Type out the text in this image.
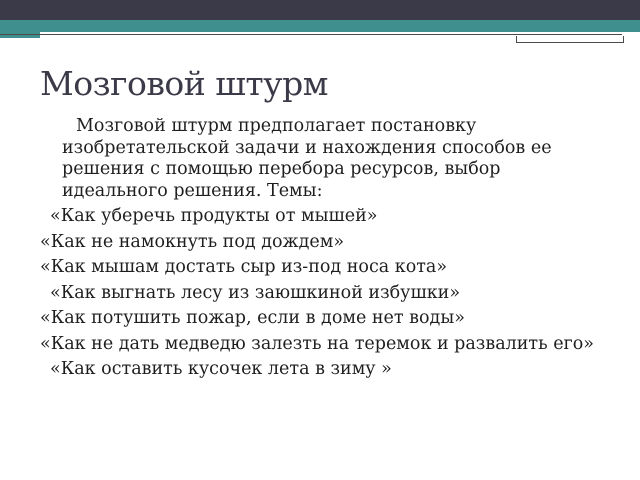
Мозговой штурм

Мозговой штурм предполагает постановку изобретательской задачи и нахождения способов ее решения с помощью перебора ресурсов, выбор идеального решения. Темы:

«Как уберечь продукты от мышей»

«Как не намокнуть под дождем»

«Как мышам достать сыр из-под носа кота»

«Как выгнать лесу из заюшкиной избушки»

«Как потушить пожар, если в доме нет воды»

«Как не дать медведю залезть на теремок и развалить его»

«Как оставить кусочек лета в зиму »
